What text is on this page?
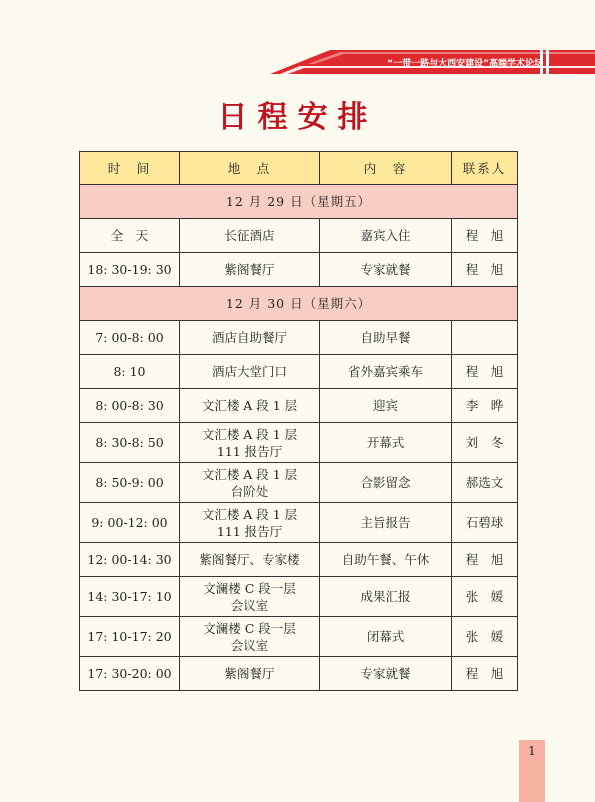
“一带一路与大西安建设”高端学术论坛
日程安排
时　间	地　点	内　容	联系人
12 月 29 日（星期五）			
全　天	长征酒店	嘉宾入住	程　旭
18: 30-19: 30	紫阁餐厅	专家就餐	程　旭
12 月 30 日（星期六）			
7: 00-8: 00	酒店自助餐厅	自助早餐	
8: 10	酒店大堂门口	省外嘉宾乘车	程　旭
8: 00-8: 30	文汇楼 A 段 1 层	迎宾	李　晔
8: 30-8: 50	文汇楼 A 段 1 层
111 报告厅	开幕式	刘　冬
8: 50-9: 00	文汇楼 A 段 1 层
台阶处	合影留念	郝选文
9: 00-12: 00	文汇楼 A 段 1 层
111 报告厅	主旨报告	石碧球
12: 00-14: 30	紫阁餐厅、专家楼	自助午餐、午休	程　旭
14: 30-17: 10	文澜楼 C 段一层
会议室	成果汇报	张　媛
17: 10-17: 20	文澜楼 C 段一层
会议室	闭幕式	张　媛
17: 30-20: 00	紫阁餐厅	专家就餐	程　旭
1
